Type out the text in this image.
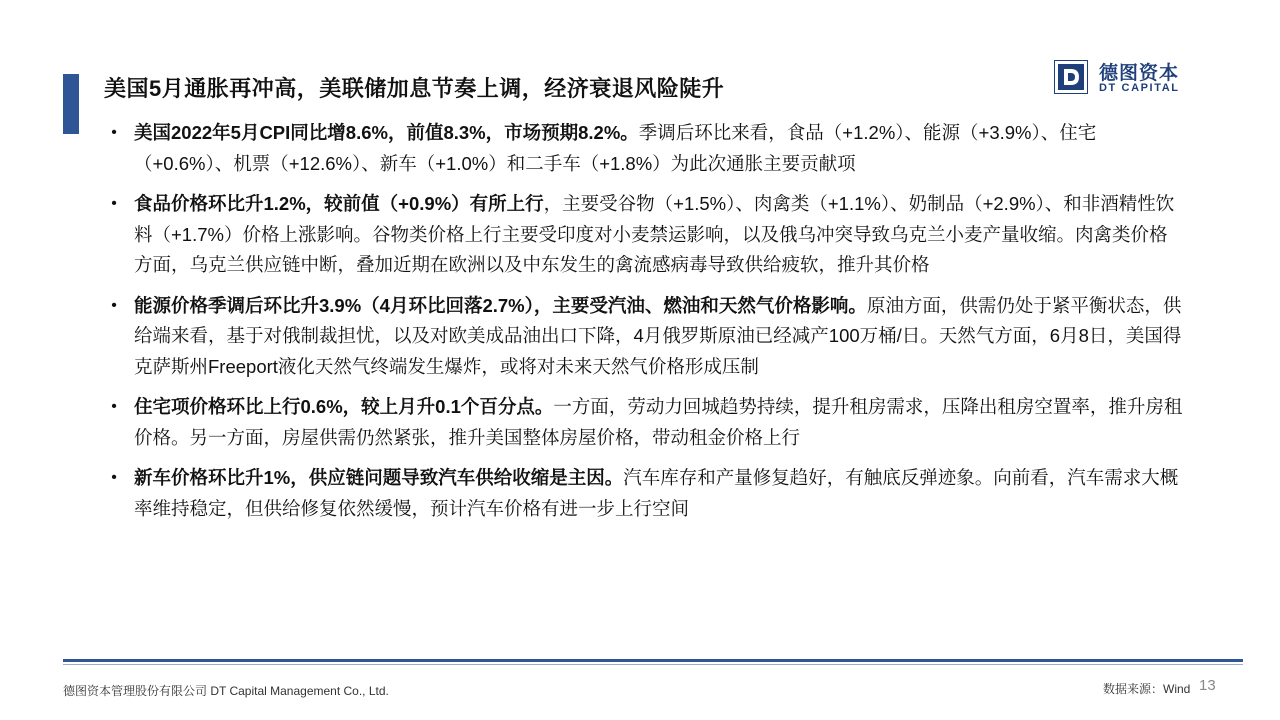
美国5月通胀再冲高，美联储加息节奏上调，经济衰退风险陡升
德图资本
DT CAPITAL
• 美国2022年5月CPI同比增8.6%，前值8.3%，市场预期8.2%。季调后环比来看，食品（+1.2%）、能源（+3.9%）、住宅（+0.6%）、机票（+12.6%）、新车（+1.0%）和二手车（+1.8%）为此次通胀主要贡献项
• 食品价格环比升1.2%，较前值（+0.9%）有所上行，主要受谷物（+1.5%）、肉禽类（+1.1%）、奶制品（+2.9%）、和非酒精性饮料（+1.7%）价格上涨影响。谷物类价格上行主要受印度对小麦禁运影响，以及俄乌冲突导致乌克兰小麦产量收缩。肉禽类价格方面，乌克兰供应链中断，叠加近期在欧洲以及中东发生的禽流感病毒导致供给疲软，推升其价格
• 能源价格季调后环比升3.9%（4月环比回落2.7%），主要受汽油、燃油和天然气价格影响。原油方面，供需仍处于紧平衡状态，供给端来看，基于对俄制裁担忧，以及对欧美成品油出口下降，4月俄罗斯原油已经减产100万桶/日。天然气方面，6月8日，美国得克萨斯州Freeport液化天然气终端发生爆炸，或将对未来天然气价格形成压制
• 住宅项价格环比上行0.6%，较上月升0.1个百分点。一方面，劳动力回城趋势持续，提升租房需求，压降出租房空置率，推升房租价格。另一方面，房屋供需仍然紧张，推升美国整体房屋价格，带动租金价格上行
• 新车价格环比升1%，供应链问题导致汽车供给收缩是主因。汽车库存和产量修复趋好，有触底反弹迹象。向前看，汽车需求大概率维持稳定，但供给修复依然缓慢，预计汽车价格有进一步上行空间
德图资本管理股份有限公司 DT Capital Management Co., Ltd.	数据来源：Wind 13
